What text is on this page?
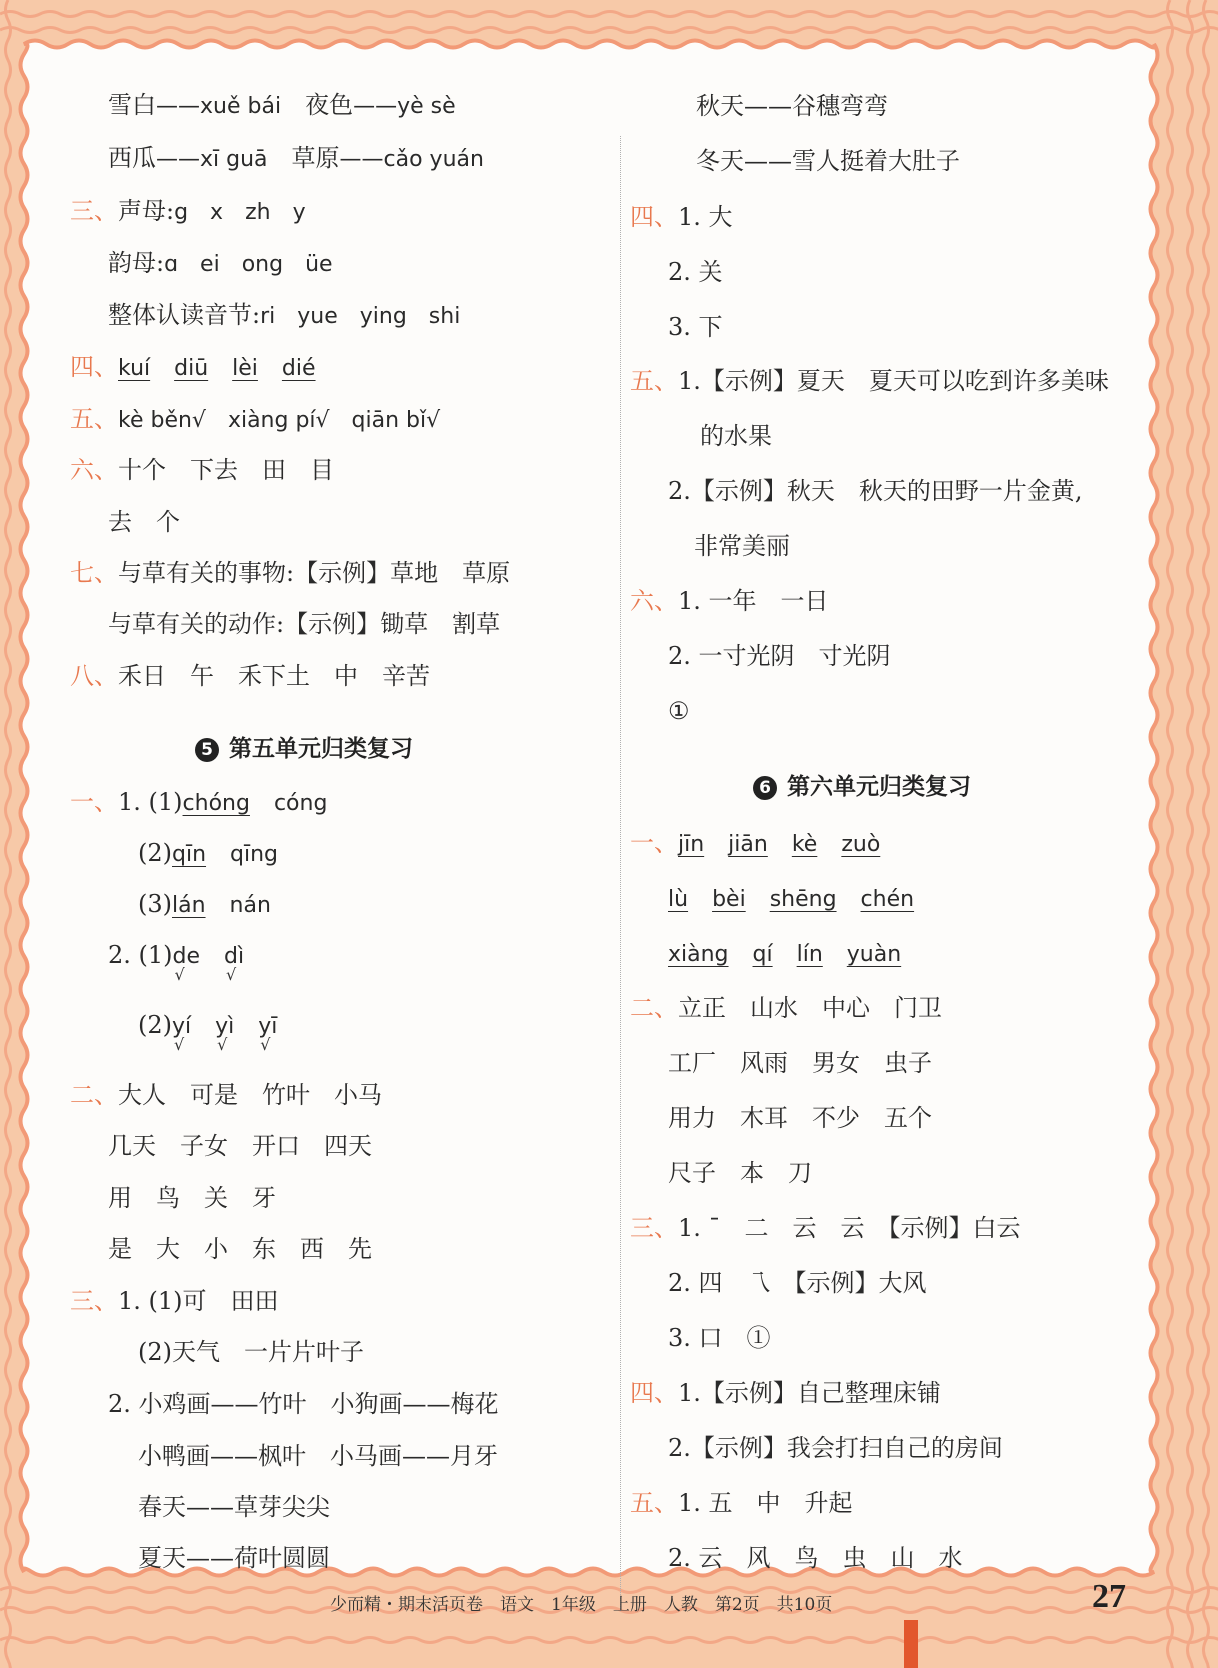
雪白——xuě bái　 夜色——yè sè
西瓜——xī guā　 草原——cǎo yuán
三、声母:g　x　zh　y
韵母:ɑ　ei　ong　üe
整体认读音节:ri　yue　ying　shi
四、kuí　 diū　 lèi　 dié
五、kè běn√　xiàng pí√　qiān bǐ√
六、十个　下去　田　目
去　个
七、与草有关的事物:【示例】草地　草原
与草有关的动作:【示例】锄草　割草
八、禾日　午　禾下土　中　辛苦
5 第五单元归类复习
一、1. (1)chóng　 cóng
(2)qīn　 qīng
(3)lán　 nán
2. (1)de √　 dì √
(2)yí √　 yì √　 yī √
二、大人　可是　竹叶　小马
几天　子女　开口　四天
用　鸟　关　牙
是　大　小　东　西　先
三、1. (1)可　田田
(2)天气　一片片叶子
2. 小鸡画——竹叶　小狗画——梅花
小鸭画——枫叶　小马画——月牙
春天——草芽尖尖
夏天——荷叶圆圆
秋天——谷穗弯弯
冬天——雪人挺着大肚子
四、1. 大
2. 关
3. 下
五、1.【示例】夏天　夏天可以吃到许多美味
的水果
2.【示例】秋天　秋天的田野一片金黄,
非常美丽
六、1. 一年　一日
2. 一寸光阴　寸光阴
①
6 第六单元归类复习
一、jīn　 jiān　 kè　 zuò
lù　 bèi　 shēng　 chén
xiàng　 qí　 lín　 yuàn
二、立正　山水　中心　门卫
工厂　风雨　男女　虫子
用力　木耳　不少　五个
尺子　本　刀
三、1. ˉ　二　云　云　【示例】白云
2. 四　乁　【示例】大风
3. 口　①
四、1.【示例】自己整理床铺
2.【示例】我会打扫自己的房间
五、1. 五　中　升起
2. 云　风　鸟　虫　山　水
少而精・期末活页卷　语文　1年级　上册　人教　第2页　共10页	27
